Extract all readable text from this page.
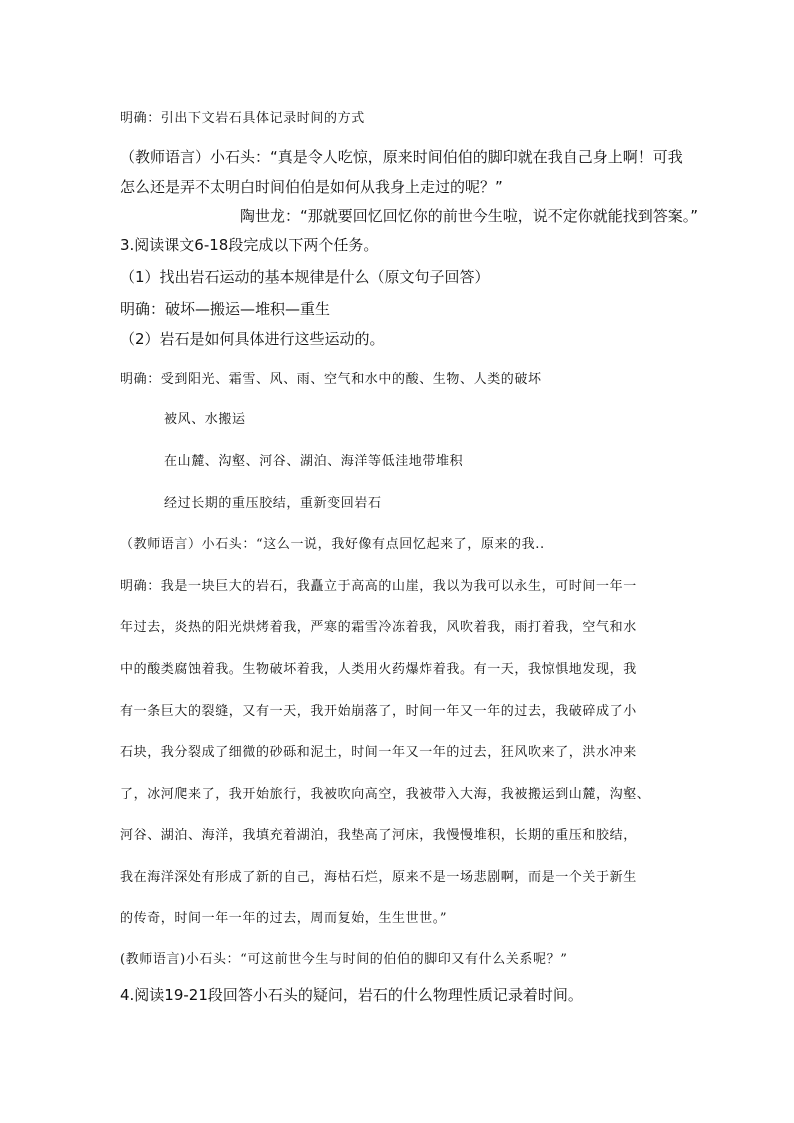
明确：引出下文岩石具体记录时间的方式
（教师语言）小石头：“真是令人吃惊，原来时间伯伯的脚印就在我自己身上啊！可我
怎么还是弄不太明白时间伯伯是如何从我身上走过的呢？”
陶世龙：“那就要回忆回忆你的前世今生啦，说不定你就能找到答案。”
3.阅读课文6-18段完成以下两个任务。
（1）找出岩石运动的基本规律是什么（原文句子回答）
明确：破坏—搬运—堆积—重生
（2）岩石是如何具体进行这些运动的。
明确：受到阳光、霜雪、风、雨、空气和水中的酸、生物、人类的破坏
被风、水搬运
在山麓、沟壑、河谷、湖泊、海洋等低洼地带堆积
经过长期的重压胶结，重新变回岩石
（教师语言）小石头：“这么一说，我好像有点回忆起来了，原来的我..
明确：我是一块巨大的岩石，我矗立于高高的山崖，我以为我可以永生，可时间一年一
年过去，炎热的阳光烘烤着我，严寒的霜雪冷冻着我，风吹着我，雨打着我，空气和水
中的酸类腐蚀着我。生物破坏着我，人类用火药爆炸着我。有一天，我惊惧地发现，我
有一条巨大的裂缝，又有一天，我开始崩落了，时间一年又一年的过去，我破碎成了小
石块，我分裂成了细微的砂砾和泥土，时间一年又一年的过去，狂风吹来了，洪水冲来
了，冰河爬来了，我开始旅行，我被吹向高空，我被带入大海，我被搬运到山麓，沟壑、
河谷、湖泊、海洋，我填充着湖泊，我垫高了河床，我慢慢堆积，长期的重压和胶结，
我在海洋深处有形成了新的自己，海枯石烂，原来不是一场悲剧啊，而是一个关于新生
的传奇，时间一年一年的过去，周而复始，生生世世。”
(教师语言)小石头：“可这前世今生与时间的伯伯的脚印又有什么关系呢？”
4.阅读19-21段回答小石头的疑问，岩石的什么物理性质记录着时间。
